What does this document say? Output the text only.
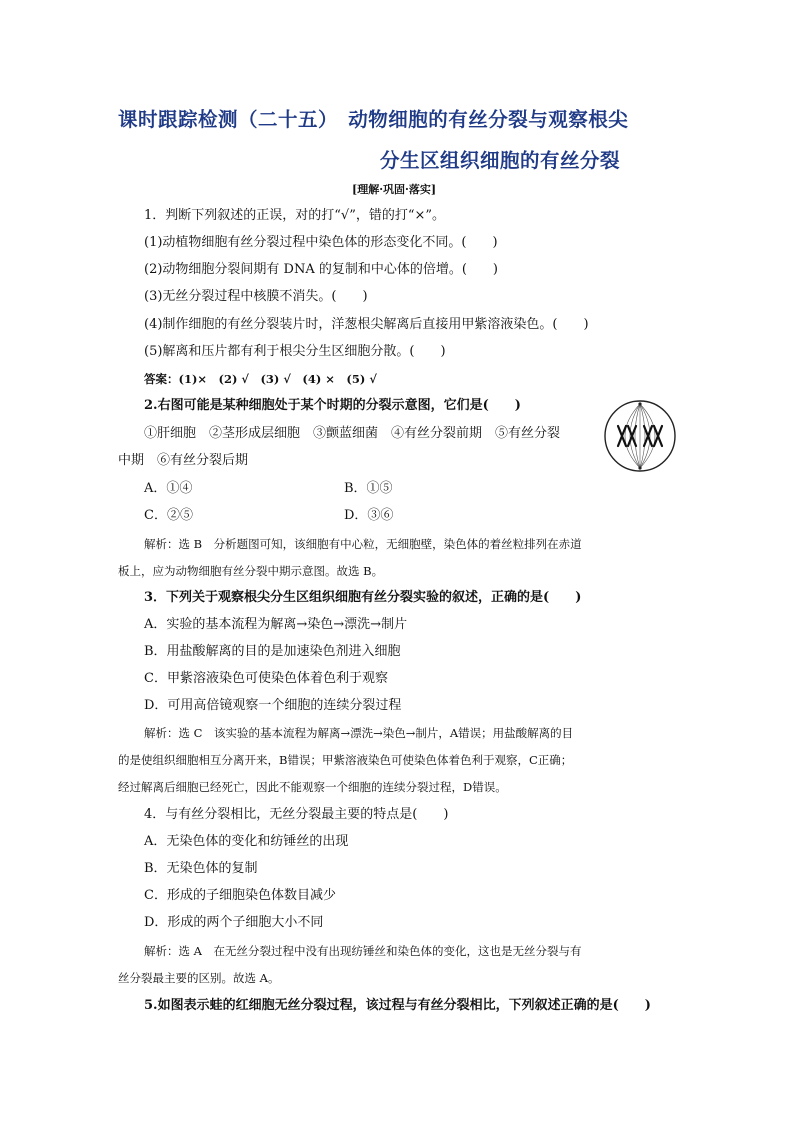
课时跟踪检测（二十五）　动物细胞的有丝分裂与观察根尖
分生区组织细胞的有丝分裂
[理解·巩固·落实]
1．判断下列叙述的正误，对的打“√”，错的打“×”。
(1)动植物细胞有丝分裂过程中染色体的形态变化不同。(　　)
(2)动物细胞分裂间期有 DNA 的复制和中心体的倍增。(　　)
(3)无丝分裂过程中核膜不消失。(　　)
(4)制作细胞的有丝分裂装片时，洋葱根尖解离后直接用甲紫溶液染色。(　　)
(5)解离和压片都有利于根尖分生区细胞分散。(　　)
答案：(1)×　(2) √　(3) √　(4) ×　(5) √
2.右图可能是某种细胞处于某个时期的分裂示意图，它们是(　　)
①肝细胞　②茎形成层细胞　③颤蓝细菌　④有丝分裂前期　⑤有丝分裂
中期　⑥有丝分裂后期
A．①④	B．①⑤
C．②⑤	D．③⑥
解析：选 B　分析题图可知，该细胞有中心粒，无细胞壁，染色体的着丝粒排列在赤道
板上，应为动物细胞有丝分裂中期示意图。故选 B。
3．下列关于观察根尖分生区组织细胞有丝分裂实验的叙述，正确的是(　　)
A．实验的基本流程为解离→染色→漂洗→制片
B．用盐酸解离的目的是加速染色剂进入细胞
C．甲紫溶液染色可使染色体着色利于观察
D．可用高倍镜观察一个细胞的连续分裂过程
解析：选 C　该实验的基本流程为解离→漂洗→染色→制片，A错误；用盐酸解离的目
的是使组织细胞相互分离开来，B错误；甲紫溶液染色可使染色体着色利于观察，C正确；
经过解离后细胞已经死亡，因此不能观察一个细胞的连续分裂过程，D错误。
4．与有丝分裂相比，无丝分裂最主要的特点是(　　)
A．无染色体的变化和纺锤丝的出现
B．无染色体的复制
C．形成的子细胞染色体数目减少
D．形成的两个子细胞大小不同
解析：选 A　在无丝分裂过程中没有出现纺锤丝和染色体的变化，这也是无丝分裂与有
丝分裂最主要的区别。故选 A。
5.如图表示蛙的红细胞无丝分裂过程，该过程与有丝分裂相比，下列叙述正确的是(　　)
